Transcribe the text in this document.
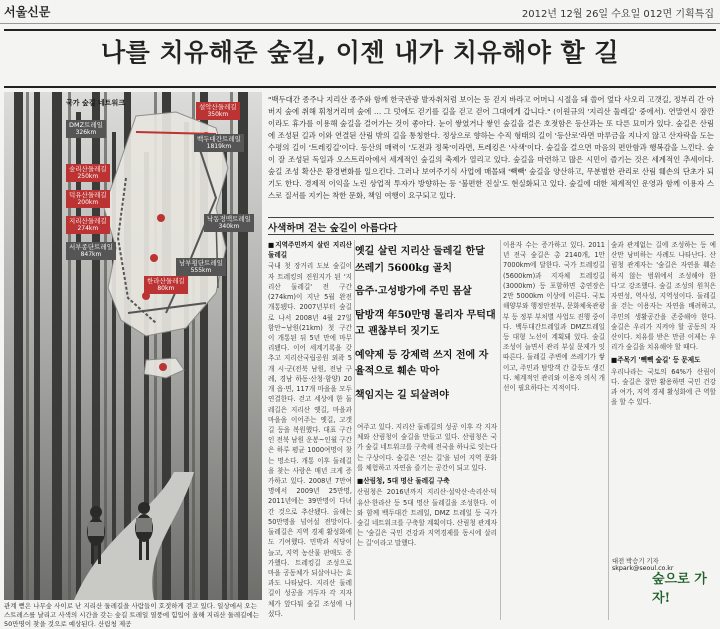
서울신문	2012년 12월 26일 수요일 012면 기획특집
나를 치유해준 숲길, 이젠 내가 치유해야 할 길
국가 숲길 네트워크
DMZ트레일
326km
설악산둘레길
350km
백두대간트레일
1819km
숲리산둘레길
250km
덕유산둘레길
200km
지리산둘레길
274km
낙동정맥트레일
340km
서부종단트레일
847km
남부횡단트레일
555km
한라산둘레길
80km
관계 뻗은 나무숲 사이로 난 지리산 둘레길을 사람들이 호젓하게 걷고 있다. 일상에서 오는 스트레스를 날리고 사색의 시간을 갖는 숲길 트레일 열풍에 힘입어 올해 지리산 둘레길에는 50만명이 찾을 것으로 예상된다. 산림청 제공
"백두대간 종주나 지리산 종주와 함께 한국관광 발자취처럼 보이는 등 걷지 바라고 어머니 시절을 돼 쓸어 엎다 사오리 고갯길, 정부리 간 아버지 숲에 취해 휘청거리며 숲에 … 그 덧에도 걷기를 길을 걷고 걷어 그대에게 갑니다." (이원규의 '지리산 둘레길' 중에서). 연말연시 잠깐이라도 휴가를 이용해 숲길을 걸어가는 것이 좋아다. 눈이 쌓였거나 쌓인 숲길을 걸은 호젓함은 등산과는 또 다른 묘미가 있다. 숲길은 산림에 조성된 길과 이와 연결된 산림 밖의 길을 통칭한다. 정상으로 향하는 수직 형태의 길이 '등산로'라면 마루금을 지나지 않고 산자락을 도는 수평의 길이 '트레킹길'이다. 등산의 매력이 '도전과 정복'이라면, 트레킹은 '사색'이다. 숲길을 걸으면 마음의 편안함과 행복감을 느낀다. 숲이 잘 조성된 독일과 오스트리아에서 세계적인 숲길의 축제가 열리고 있다. 숲길을 마련하고 많은 시민이 즐기는 것은 세계적인 추세이다. 숲길 조성 확산은 환경변화를 일으킨다. 그러나 보여주기식 사업에 매몰돼 '빽빽' 숲길을 양산하고, 무분별한 관리로 산림 훼손의 단초가 되기도 한다. 경제적 이익을 노린 상업적 투자가 방향하는 등 '불편한 진실'도 현실화되고 있다. 숲길에 대한 체계적인 운영과 함께 이용자 스스로 질서를 지키는 착한 문화, 책임 여행이 요구되고 있다.
사색하며 걷는 숲길이 아름다다
■지역주민까지 살린 지리산 둘레길
국내 첫 장거리 도보 숲길이자 트레킹의 진원지가 된 '지리산 둘레길' 전 구간(274km)이 지난 5월 완전 개통됐다. 2007년부터 숲길로 나서 2008년 4월 27일 함안~남원(21km) 첫 구간이 개통된 뒤 5년 만에 마무리됐다. 이어 세계기록을 갖추고 지리산국립공원 외곽 5개 시·군(전북 남원, 전남 구례, 경남 하동·산청·함양) 20개 읍·면, 117개 마을을 모두 연결한다. 걷고 세상에 한 둘레길은 지리산 옛길, 마을과 마을을 이어주는 옛길, 고갯길 등을 복원했다. 대표 구간인 전북 남원 운봉~인월 구간은 하루 평균 1000여명이 찾는 명소다. 개통 이후 둘레길을 찾는 사람은 매년 크게 증가하고 있다. 2008년 7만여명에서 2009년 25만명, 2011년에는 39만명이 다녀간 것으로 추산됐다. 올해는 50만명을 넘어설 전망이다. 둘레길은 지역 경제 활성화에도 기여했다. 민박과 식당이 늘고, 지역 농산물 판매도 증가했다. 트레킹길 조성으로 마을 공동체가 되살아나는 효과도 나타났다. 지리산 둘레길이 성공을 거두자 각 지자체가 앞다퉈 숲길 조성에 나섰다.

옛길 살린 지리산 둘레길 한달 쓰레기 5600kg 골치

음주·고성방가에 주민 몸살

탐방객 年50만명 몰리자 무턱대고 괜찮부터 짓기도

예약제 등 강제력 쓰지 전에 자율적으로 훼손 막아

책임지는 길 되살려야

여주고 있다. 지리산 둘레길의 성공 이후 각 지자체와 산림청이 숲길을 만들고 있다. 산림청은 국가 숲길 네트워크를 구축해 전국을 하나로 잇는다는 구상이다. 숲길은 '걷는 길'을 넘어 지역 문화를 체험하고 자연을 즐기는 공간이 되고 있다.
■산림청, 5대 명산 둘레길 구축
산림청은 2016년까지 지리산·설악산·속리산·덕유산·한라산 등 5대 명산 둘레길을 조성한다. 이와 함께 백두대간 트레일, DMZ 트레일 등 국가 숲길 네트워크를 구축할 계획이다. 산림청 관계자는 '숲길은 국민 건강과 지역경제를 동시에 살리는 길'이라고 말했다.
이용자 수는 증가하고 있다. 2011년 전국 숲길은 총 2140개, 1만 7000km에 달한다. 국가 트레킹길(5600km)과 지자체 트레킹길(3000km) 등 포함하면 총연장은 2만 5000km 이상에 이른다. 국토해양부와 행정안전부, 문화체육관광부 등 정부 부처별 사업도 진행 중이다. 백두대간트레일과 DMZ트레일 등 대형 노선이 계획돼 있다. 숲길 조성이 늘면서 관리 부실 문제가 잇따른다. 둘레길 주변에 쓰레기가 쌓이고, 주민과 탐방객 간 갈등도 생긴다. 체계적인 관리와 이용자 의식 개선이 필요하다는 지적이다.
숲과 관계없는 길에 조성하는 등 예산만 낭비하는 사례도 나타난다. 산림청 관계자는 '숲길은 자연을 훼손하지 않는 범위에서 조성해야 한다'고 강조했다. 숲길 조성의 원칙은 자연성, 역사성, 지역성이다. 둘레길을 걷는 이용자는 자연을 배려하고, 주민의 생활공간을 존중해야 한다. 숲길은 우리가 지켜야 할 공동의 자산이다. 치유를 받은 만큼 이제는 우리가 숲길을 치유해야 할 때다.
■주목기 '빽빽 숲길' 등 문제도
우리나라는 국토의 64%가 산림이다. 숲길은 잘만 활용하면 국민 건강과 여가, 지역 경제 활성화에 큰 역할을 할 수 있다.
숲으로 가자!
대전 박승기 기자 skpark@seoul.co.kr
